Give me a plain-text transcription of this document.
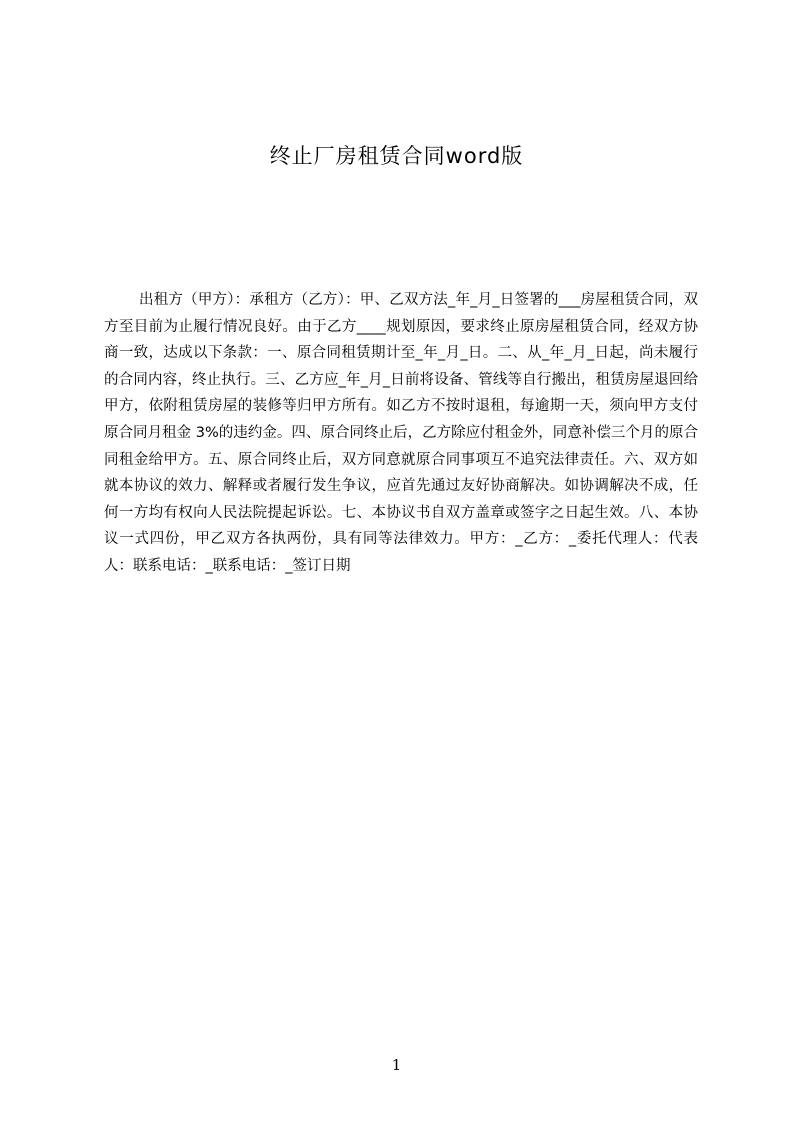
终止厂房租赁合同word版

出租方（甲方）：承租方（乙方）：甲、乙双方法_年_月_日签署的___房屋租赁合同，双方至目前为止履行情况良好。由于乙方____规划原因，要求终止原房屋租赁合同，经双方协商一致，达成以下条款：一、原合同租赁期计至_年_月_日。二、从_年_月_日起，尚未履行的合同内容，终止执行。三、乙方应_年_月_日前将设备、管线等自行搬出，租赁房屋退回给甲方，依附租赁房屋的装修等归甲方所有。如乙方不按时退租，每逾期一天，须向甲方支付原合同月租金 3%的违约金。四、原合同终止后，乙方除应付租金外，同意补偿三个月的原合同租金给甲方。五、原合同终止后，双方同意就原合同事项互不追究法律责任。六、双方如就本协议的效力、解释或者履行发生争议，应首先通过友好协商解决。如协调解决不成，任何一方均有权向人民法院提起诉讼。七、本协议书自双方盖章或签字之日起生效。八、本协议一式四份，甲乙双方各执两份，具有同等法律效力。甲方：_乙方：_委托代理人：代表人：联系电话：_联系电话：_签订日期

1
